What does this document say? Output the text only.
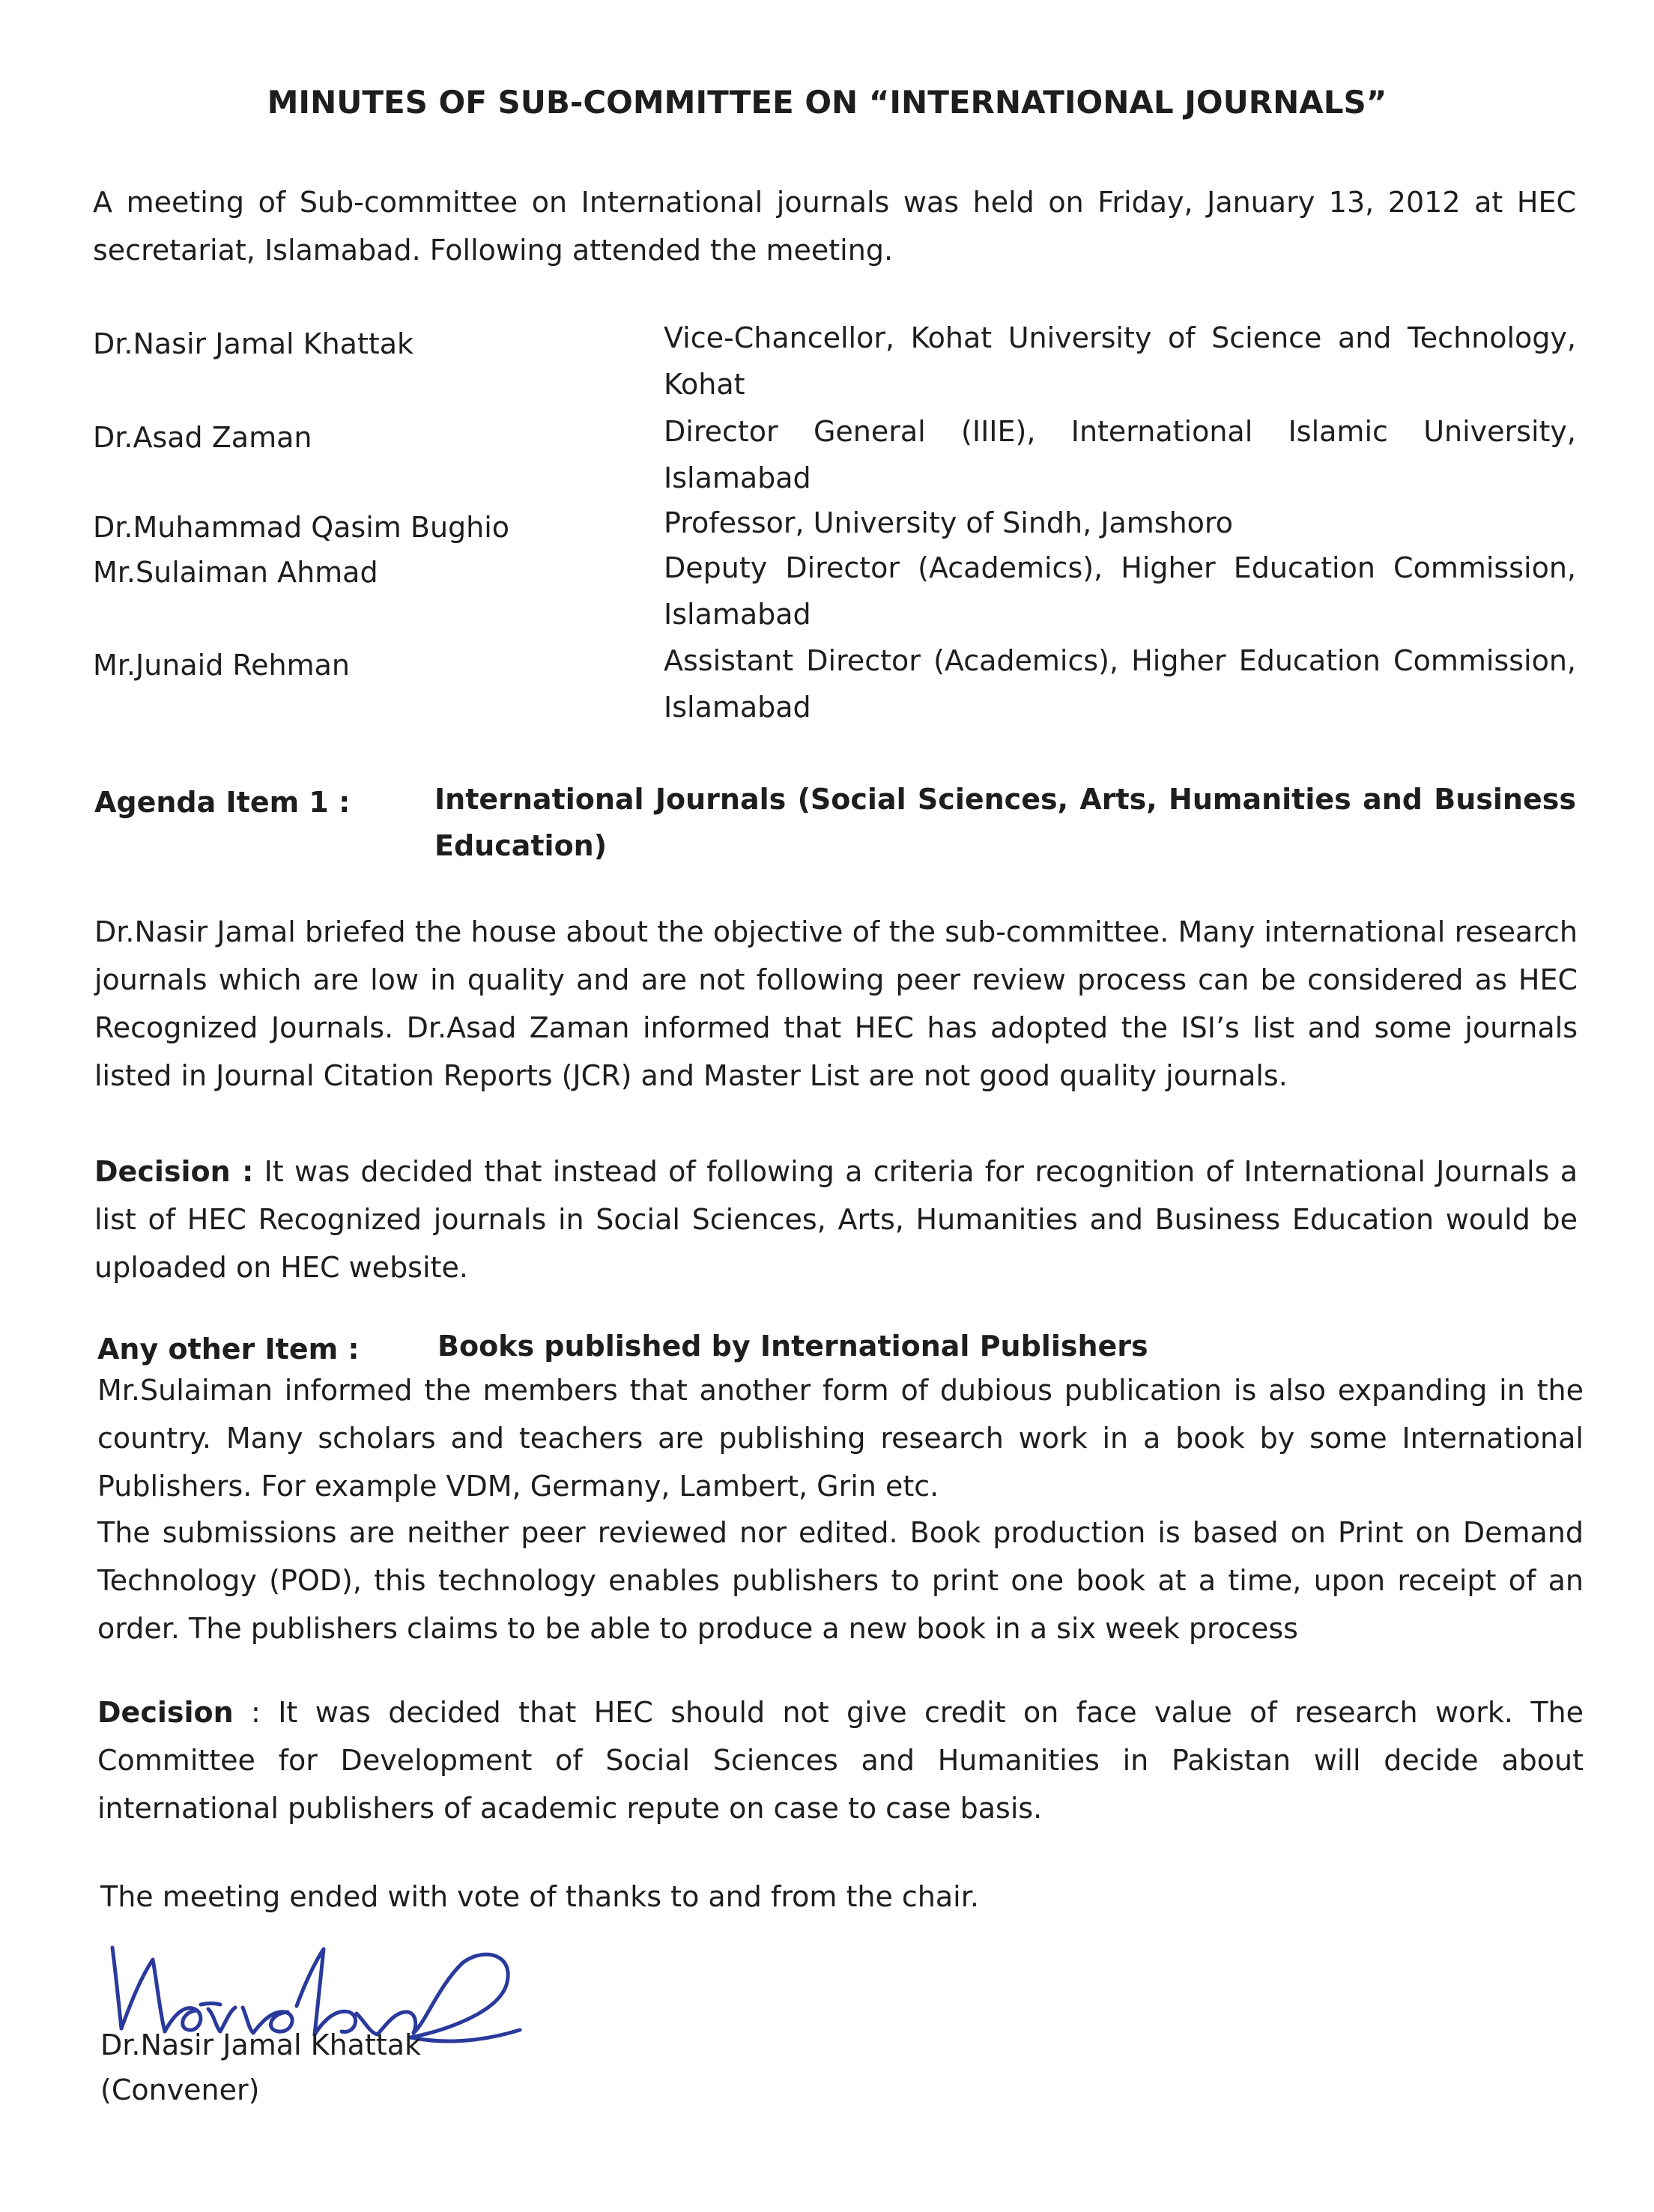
MINUTES OF SUB-COMMITTEE ON “INTERNATIONAL JOURNALS”

A meeting of Sub-committee on International journals was held on Friday, January 13, 2012 at HEC secretariat, Islamabad. Following attended the meeting.

Dr.Nasir Jamal Khattak	Vice-Chancellor, Kohat University of Science and Technology, Kohat
Dr.Asad Zaman	Director General (IIIE), International Islamic University, Islamabad
Dr.Muhammad Qasim Bughio	Professor, University of Sindh, Jamshoro
Mr.Sulaiman Ahmad	Deputy Director (Academics), Higher Education Commission, Islamabad
Mr.Junaid Rehman	Assistant Director (Academics), Higher Education Commission, Islamabad
Agenda Item 1 :	International Journals (Social Sciences, Arts, Humanities and Business Education)

Dr.Nasir Jamal briefed the house about the objective of the sub-committee. Many international research journals which are low in quality and are not following peer review process can be considered as HEC Recognized Journals. Dr.Asad Zaman informed that HEC has adopted the ISI’s list and some journals listed in Journal Citation Reports (JCR) and Master List are not good quality journals.

Decision : It was decided that instead of following a criteria for recognition of International Journals a list of HEC Recognized journals in Social Sciences, Arts, Humanities and Business Education would be uploaded on HEC website.

Any other Item :	Books published by International Publishers

Mr.Sulaiman informed the members that another form of dubious publication is also expanding in the country. Many scholars and teachers are publishing research work in a book by some International Publishers. For example VDM, Germany, Lambert, Grin etc.

The submissions are neither peer reviewed nor edited. Book production is based on Print on Demand Technology (POD), this technology enables publishers to print one book at a time, upon receipt of an order. The publishers claims to be able to produce a new book in a six week process

Decision : It was decided that HEC should not give credit on face value of research work. The Committee for Development of Social Sciences and Humanities in Pakistan will decide about international publishers of academic repute on case to case basis.

The meeting ended with vote of thanks to and from the chair.

Dr.Nasir Jamal Khattak
(Convener)
